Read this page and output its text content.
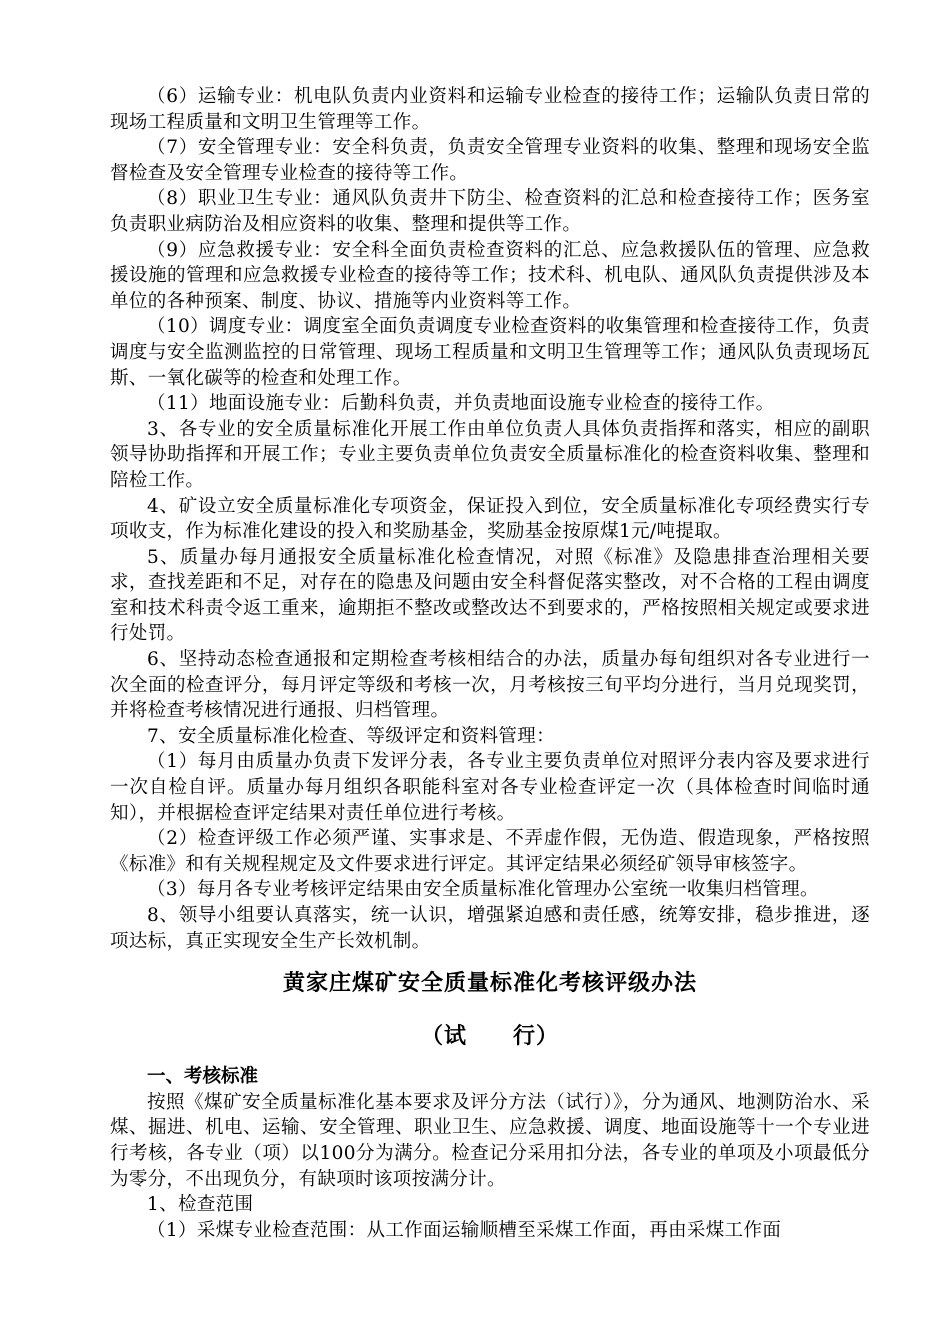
（6）运输专业：机电队负责内业资料和运输专业检查的接待工作；运输队负责日常的现场工程质量和文明卫生管理等工作。

（7）安全管理专业：安全科负责，负责安全管理专业资料的收集、整理和现场安全监督检查及安全管理专业检查的接待等工作。

（8）职业卫生专业：通风队负责井下防尘、检查资料的汇总和检查接待工作；医务室负责职业病防治及相应资料的收集、整理和提供等工作。

（9）应急救援专业：安全科全面负责检查资料的汇总、应急救援队伍的管理、应急救援设施的管理和应急救援专业检查的接待等工作；技术科、机电队、通风队负责提供涉及本单位的各种预案、制度、协议、措施等内业资料等工作。

（10）调度专业：调度室全面负责调度专业检查资料的收集管理和检查接待工作，负责调度与安全监测监控的日常管理、现场工程质量和文明卫生管理等工作；通风队负责现场瓦斯、一氧化碳等的检查和处理工作。

（11）地面设施专业：后勤科负责，并负责地面设施专业检查的接待工作。

3、各专业的安全质量标准化开展工作由单位负责人具体负责指挥和落实，相应的副职领导协助指挥和开展工作；专业主要负责单位负责安全质量标准化的检查资料收集、整理和陪检工作。

4、矿设立安全质量标准化专项资金，保证投入到位，安全质量标准化专项经费实行专项收支，作为标准化建设的投入和奖励基金，奖励基金按原煤1元/吨提取。

5、质量办每月通报安全质量标准化检查情况，对照《标准》及隐患排查治理相关要求，查找差距和不足，对存在的隐患及问题由安全科督促落实整改，对不合格的工程由调度室和技术科责令返工重来，逾期拒不整改或整改达不到要求的，严格按照相关规定或要求进行处罚。

6、坚持动态检查通报和定期检查考核相结合的办法，质量办每旬组织对各专业进行一次全面的检查评分，每月评定等级和考核一次，月考核按三旬平均分进行，当月兑现奖罚，并将检查考核情况进行通报、归档管理。

7、安全质量标准化检查、等级评定和资料管理：

（1）每月由质量办负责下发评分表，各专业主要负责单位对照评分表内容及要求进行一次自检自评。质量办每月组织各职能科室对各专业检查评定一次（具体检查时间临时通知），并根据检查评定结果对责任单位进行考核。

（2）检查评级工作必须严谨、实事求是、不弄虚作假，无伪造、假造现象，严格按照《标准》和有关规程规定及文件要求进行评定。其评定结果必须经矿领导审核签字。

（3）每月各专业考核评定结果由安全质量标准化管理办公室统一收集归档管理。

8、领导小组要认真落实，统一认识，增强紧迫感和责任感，统筹安排，稳步推进，逐项达标，真正实现安全生产长效机制。

黄家庄煤矿安全质量标准化考核评级办法
（试　　行）

一、考核标准

按照《煤矿安全质量标准化基本要求及评分方法（试行）》，分为通风、地测防治水、采煤、掘进、机电、运输、安全管理、职业卫生、应急救援、调度、地面设施等十一个专业进行考核，各专业（项）以100分为满分。检查记分采用扣分法，各专业的单项及小项最低分为零分，不出现负分，有缺项时该项按满分计。

1、检查范围

（1）采煤专业检查范围：从工作面运输顺槽至采煤工作面，再由采煤工作面
